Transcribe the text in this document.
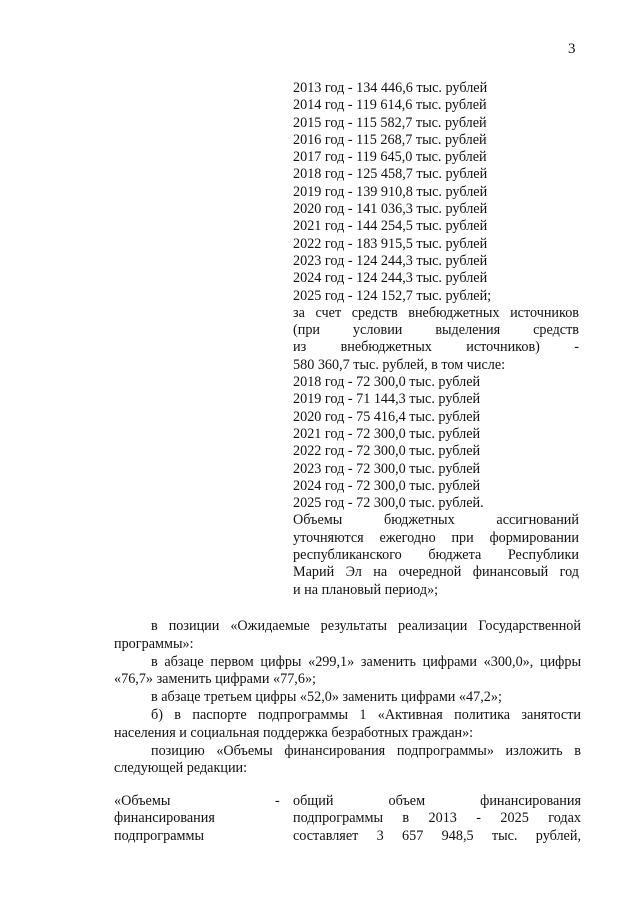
3
2013 год - 134 446,6 тыс. рублей
2014 год - 119 614,6 тыс. рублей
2015 год - 115 582,7 тыс. рублей
2016 год - 115 268,7 тыс. рублей
2017 год - 119 645,0 тыс. рублей
2018 год - 125 458,7 тыс. рублей
2019 год - 139 910,8 тыс. рублей
2020 год - 141 036,3 тыс. рублей
2021 год - 144 254,5 тыс. рублей
2022 год - 183 915,5 тыс. рублей
2023 год - 124 244,3 тыс. рублей
2024 год - 124 244,3 тыс. рублей
2025 год - 124 152,7 тыс. рублей;
за счет средств внебюджетных источников
(при условии выделения средств
из внебюджетных источников) -
580 360,7 тыс. рублей, в том числе:
2018 год - 72 300,0 тыс. рублей
2019 год - 71 144,3 тыс. рублей
2020 год - 75 416,4 тыс. рублей
2021 год - 72 300,0 тыс. рублей
2022 год - 72 300,0 тыс. рублей
2023 год - 72 300,0 тыс. рублей
2024 год - 72 300,0 тыс. рублей
2025 год - 72 300,0 тыс. рублей.
Объемы бюджетных ассигнований
уточняются ежегодно при формировании
республиканского бюджета Республики
Марий Эл на очередной финансовый год
и на плановый период»;

в позиции «Ожидаемые результаты реализации Государственной программы»:

в абзаце первом цифры «299,1» заменить цифрами «300,0», цифры «76,7» заменить цифрами «77,6»;

в абзаце третьем цифры «52,0» заменить цифрами «47,2»;

б) в паспорте подпрограммы 1 «Активная политика занятости населения и социальная поддержка безработных граждан»:

позицию «Объемы финансирования подпрограммы» изложить в следующей редакции:

«Объемы
финансирования
подпрограммы
- общий объем финансирования
подпрограммы в 2013 - 2025 годах
составляет 3 657 948,5 тыс. рублей,
